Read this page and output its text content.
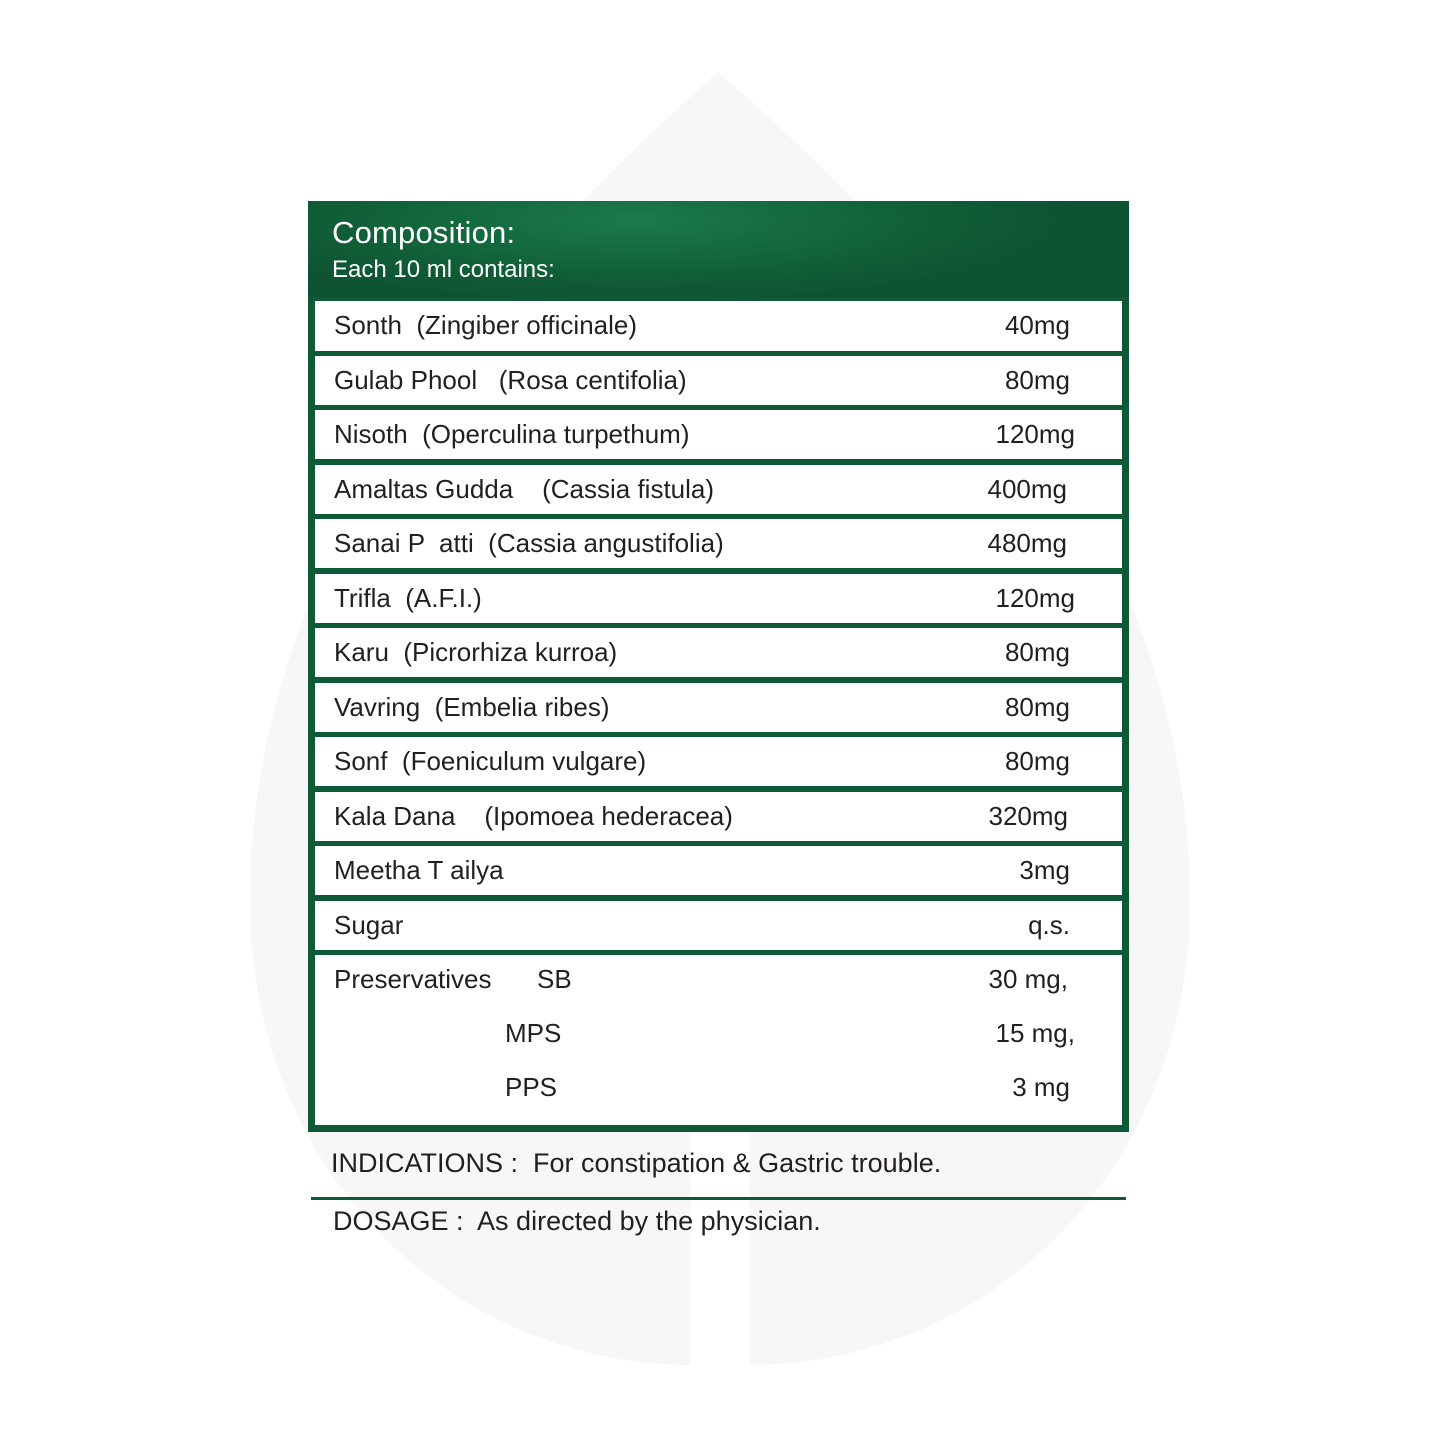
Composition:
Each 10 ml contains:
Sonth  (Zingiber officinale)	40mg
Gulab Phool   (Rosa centifolia)	80mg
Nisoth  (Operculina turpethum)	120mg
Amaltas Gudda    (Cassia fistula)	400mg
Sanai P  atti  (Cassia angustifolia)	480mg
Trifla  (A.F.I.)	120mg
Karu  (Picrorhiza kurroa)	80mg
Vavring  (Embelia ribes)	80mg
Sonf  (Foeniculum vulgare)	80mg
Kala Dana    (Ipomoea hederacea)	320mg
Meetha T ailya	3mg
Sugar	q.s.
Preservatives SB	30 mg,
MPS	15 mg,
PPS	3 mg
INDICATIONS : For constipation & Gastric trouble.
DOSAGE : As directed by the physician.
